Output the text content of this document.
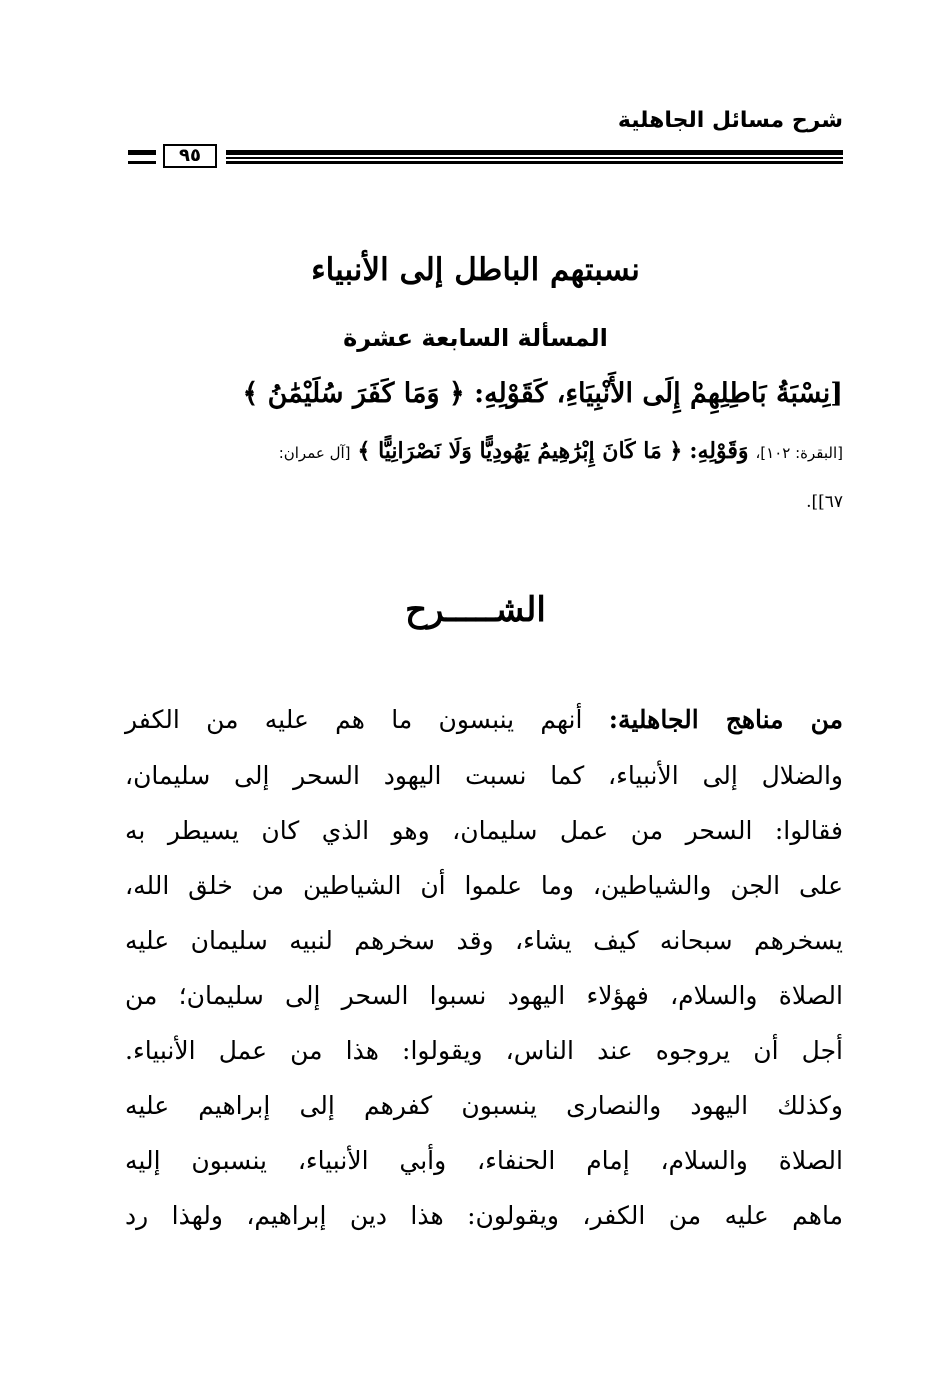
شرح مسائل الجاهلية
٩٥
نسبتهم الباطل إلى الأنبياء
المسألة السابعة عشرة
[نِسْبَةُ بَاطِلِهِمْ إِلَى الأَنْبِيَاءِ، كَقَوْلِهِ: ﴿ وَمَا كَفَرَ سُلَيْمَٰنُ ﴾
[البقرة: ١٠٢]، وَقَوْلِهِ: ﴿ مَا كَانَ إِبْرَٰهِيمُ يَهُودِيًّا وَلَا نَصْرَانِيًّا ﴾ [آل عمران:
٦٧]].
الشـــــرح
من مناهج الجاهلية: أنهم ينبسون ما هم عليه من الكفر
والضلال إلى الأنبياء، كما نسبت اليهود السحر إلى سليمان،
فقالوا: السحر من عمل سليمان، وهو الذي كان يسيطر به
على الجن والشياطين، وما علموا أن الشياطين من خلق الله،
يسخرهم سبحانه كيف يشاء، وقد سخرهم لنبيه سليمان عليه
الصلاة والسلام، فهؤلاء اليهود نسبوا السحر إلى سليمان؛ من
أجل أن يروجوه عند الناس، ويقولوا: هذا من عمل الأنبياء.
وكذلك اليهود والنصارى ينسبون كفرهم إلى إبراهيم عليه
الصلاة والسلام، إمام الحنفاء، وأبي الأنبياء، ينسبون إليه
ماهم عليه من الكفر، ويقولون: هذا دين إبراهيم، ولهذا رد
